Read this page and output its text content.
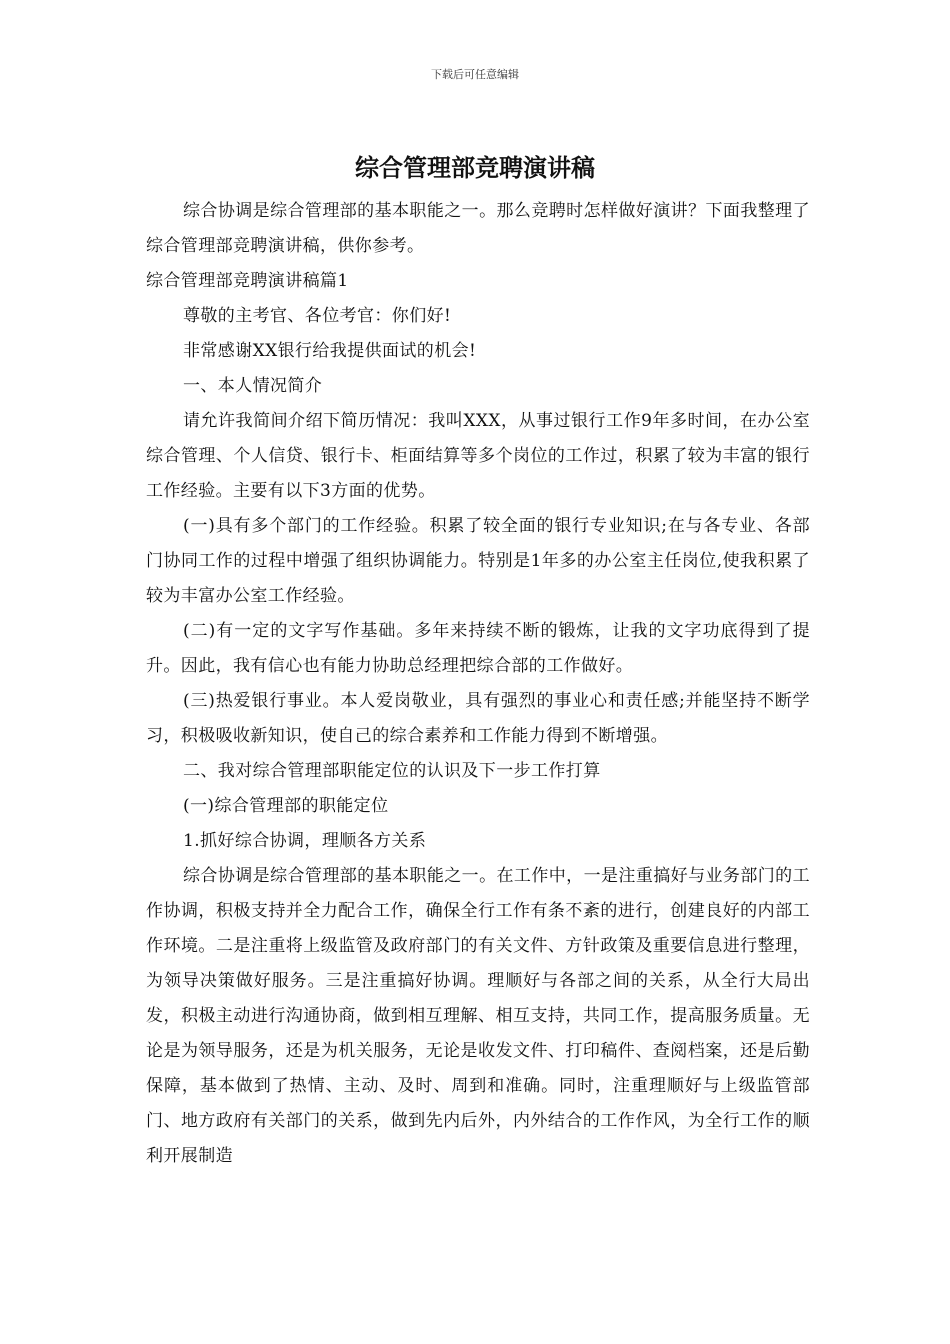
下载后可任意编辑
综合管理部竞聘演讲稿

综合协调是综合管理部的基本职能之一。那么竞聘时怎样做好演讲？下面我整理了综合管理部竞聘演讲稿，供你参考。

综合管理部竞聘演讲稿篇1

尊敬的主考官、各位考官：你们好!

非常感谢XX银行给我提供面试的机会!

一、本人情况简介

请允许我简间介绍下简历情况：我叫XXX，从事过银行工作9年多时间，在办公室综合管理、个人信贷、银行卡、柜面结算等多个岗位的工作过，积累了较为丰富的银行工作经验。主要有以下3方面的优势。

(一)具有多个部门的工作经验。积累了较全面的银行专业知识;在与各专业、各部门协同工作的过程中增强了组织协调能力。特别是1年多的办公室主任岗位,使我积累了较为丰富办公室工作经验。

(二)有一定的文字写作基础。多年来持续不断的锻炼，让我的文字功底得到了提升。因此，我有信心也有能力协助总经理把综合部的工作做好。

(三)热爱银行事业。本人爱岗敬业，具有强烈的事业心和责任感;并能坚持不断学习，积极吸收新知识，使自己的综合素养和工作能力得到不断增强。

二、我对综合管理部职能定位的认识及下一步工作打算

(一)综合管理部的职能定位

1.抓好综合协调，理顺各方关系

综合协调是综合管理部的基本职能之一。在工作中，一是注重搞好与业务部门的工作协调，积极支持并全力配合工作，确保全行工作有条不紊的进行，创建良好的内部工作环境。二是注重将上级监管及政府部门的有关文件、方针政策及重要信息进行整理，为领导决策做好服务。三是注重搞好协调。理顺好与各部之间的关系，从全行大局出发，积极主动进行沟通协商，做到相互理解、相互支持，共同工作，提高服务质量。无论是为领导服务，还是为机关服务，无论是收发文件、打印稿件、查阅档案，还是后勤保障，基本做到了热情、主动、及时、周到和准确。同时，注重理顺好与上级监管部门、地方政府有关部门的关系，做到先内后外，内外结合的工作作风，为全行工作的顺利开展制造
